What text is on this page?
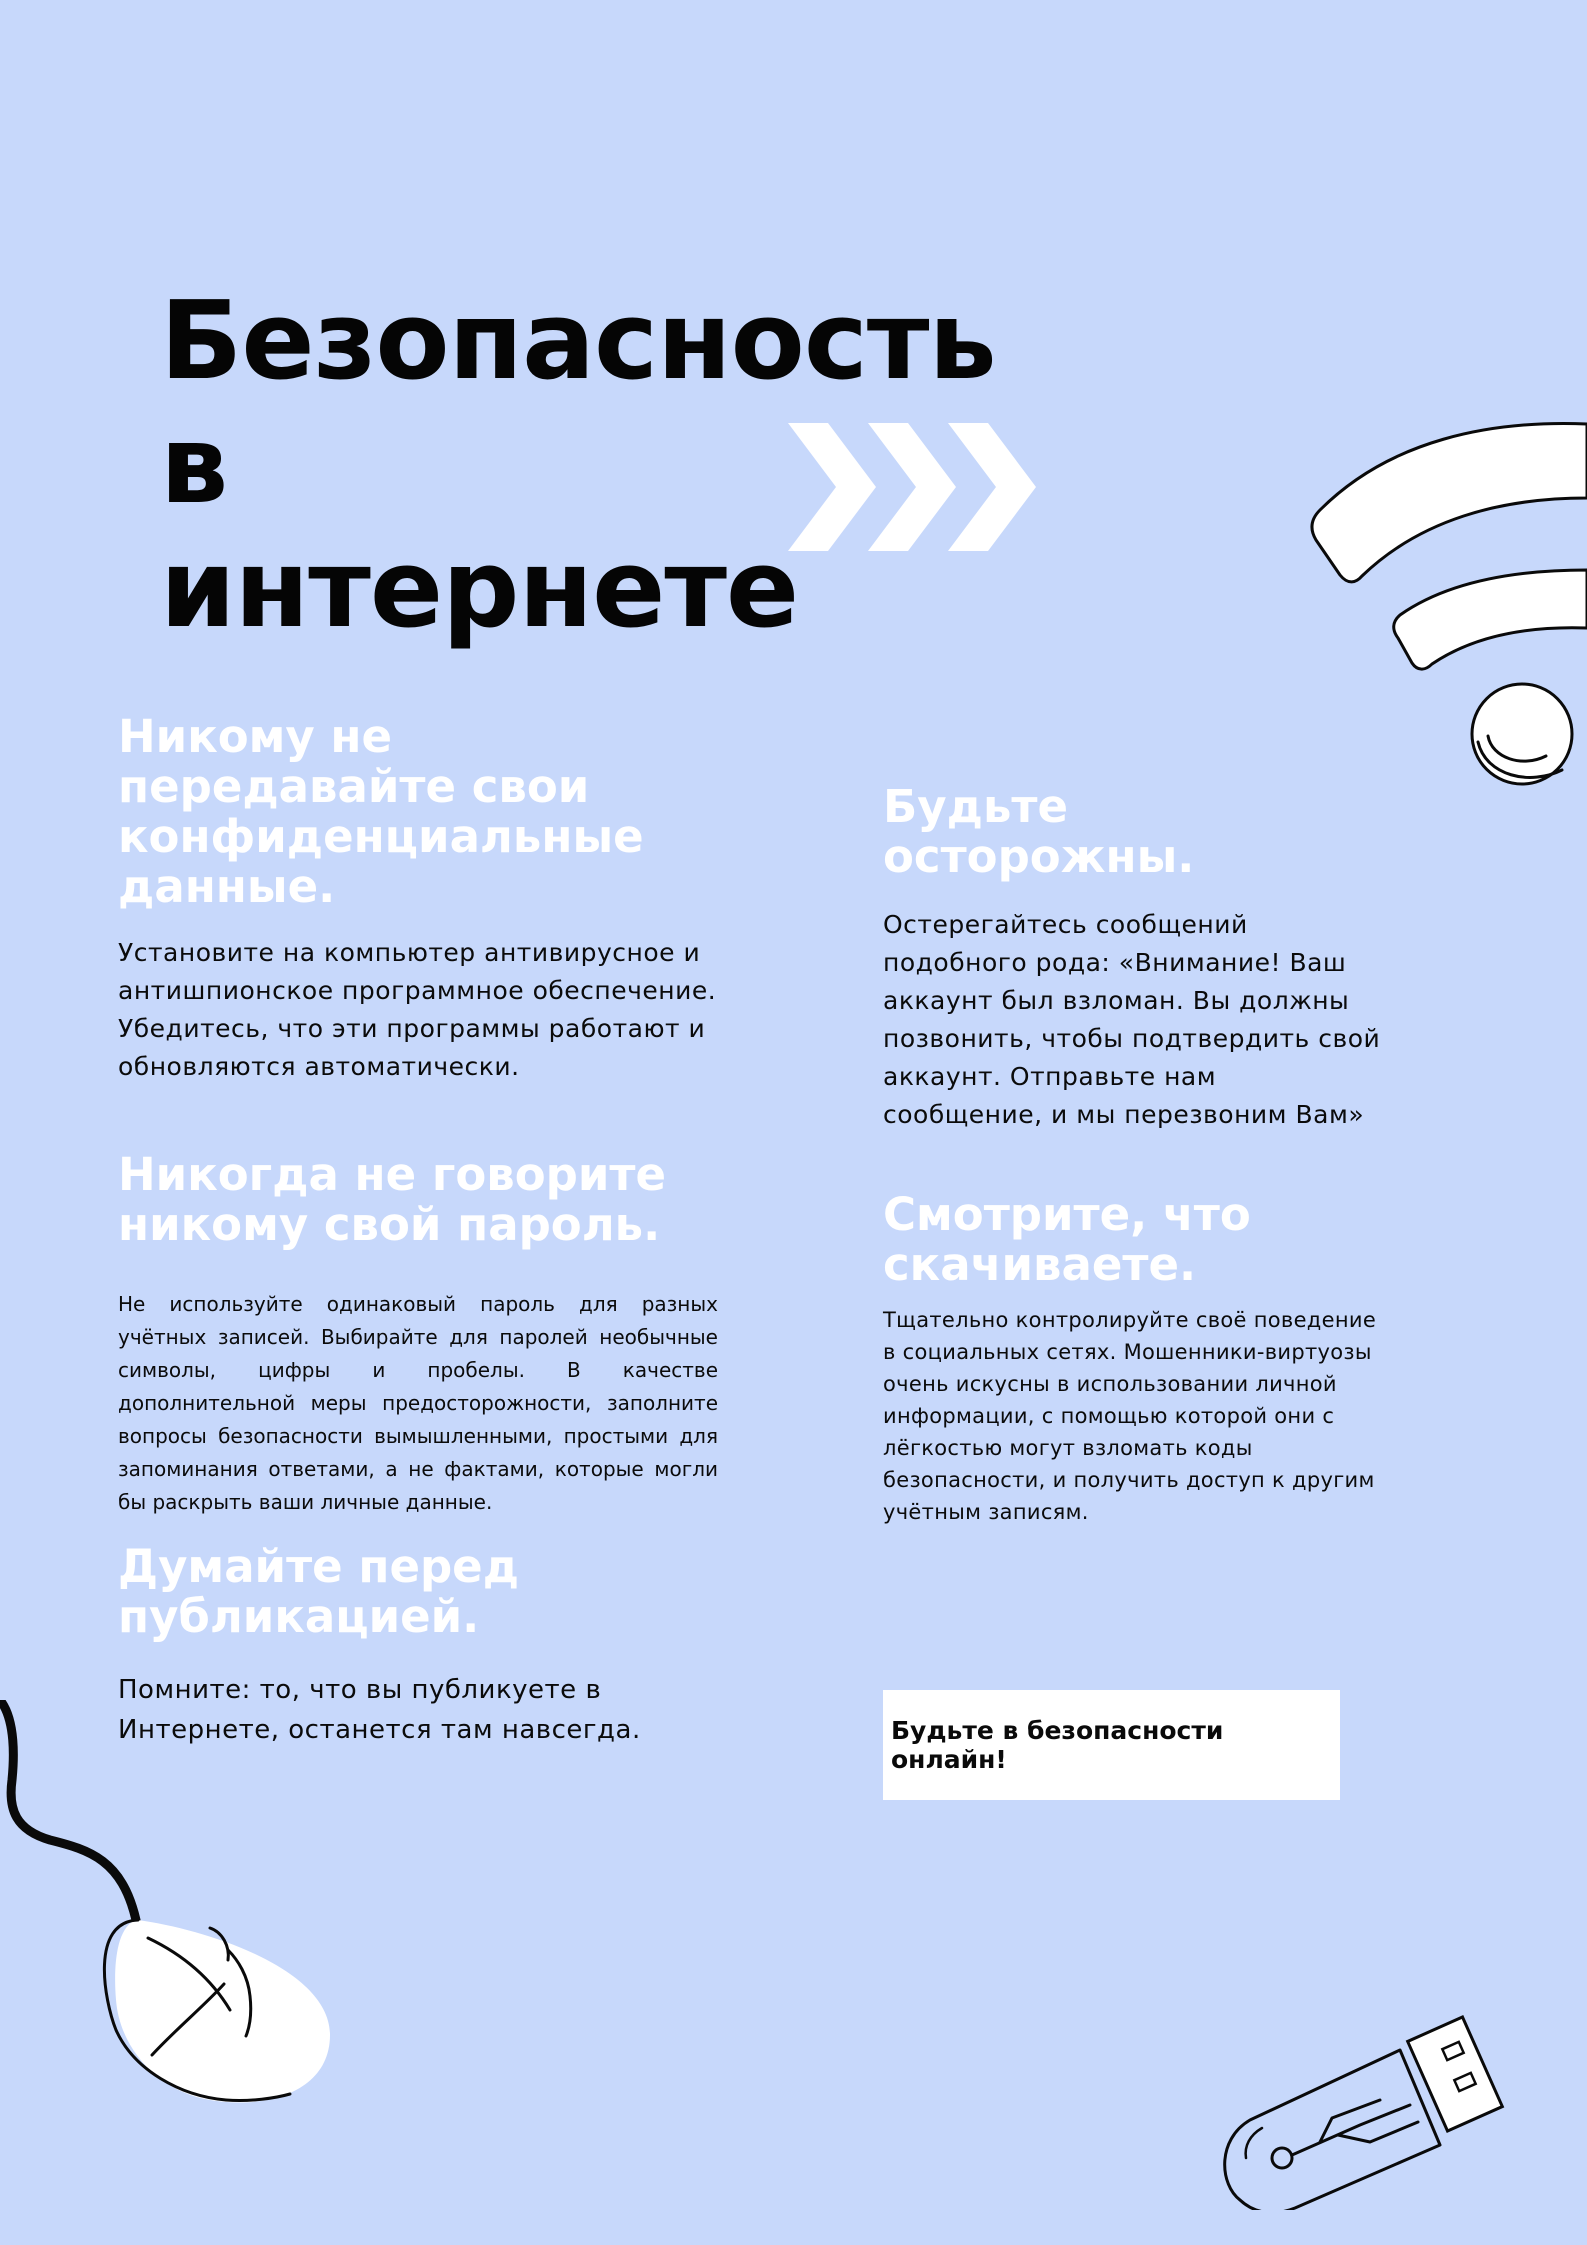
Безопасность в
интернете
Никому не передавайте свои конфиденциальные данные.

Установите на компьютер антивирусное и антишпионское программное обеспечение. Убедитесь, что эти программы работают и обновляются автоматически.

Никогда не говорите никому свой пароль.

Не используйте одинаковый пароль для разных учётных записей. Выбирайте для паролей необычные символы, цифры и пробелы. В качестве дополнительной меры предосторожности, заполните вопросы безопасности вымышленными, простыми для запоминания ответами, а не фактами, которые могли бы раскрыть ваши личные данные.

Думайте перед публикацией.

Помните: то, что вы публикуете в Интернете, останется там навсегда.

Будьте осторожны.

Остерегайтесь сообщений подобного рода: «Внимание! Ваш аккаунт был взломан. Вы должны позвонить, чтобы подтвердить свой аккаунт. Отправьте нам сообщение, и мы перезвоним Вам»

Смотрите, что скачиваете.

Тщательно контролируйте своё поведение в социальных сетях. Мошенники-виртуозы очень искусны в использовании личной информации, с помощью которой они с лёгкостью могут взломать коды безопасности, и получить доступ к другим учётным записям.

Будьте в безопасности онлайн!
